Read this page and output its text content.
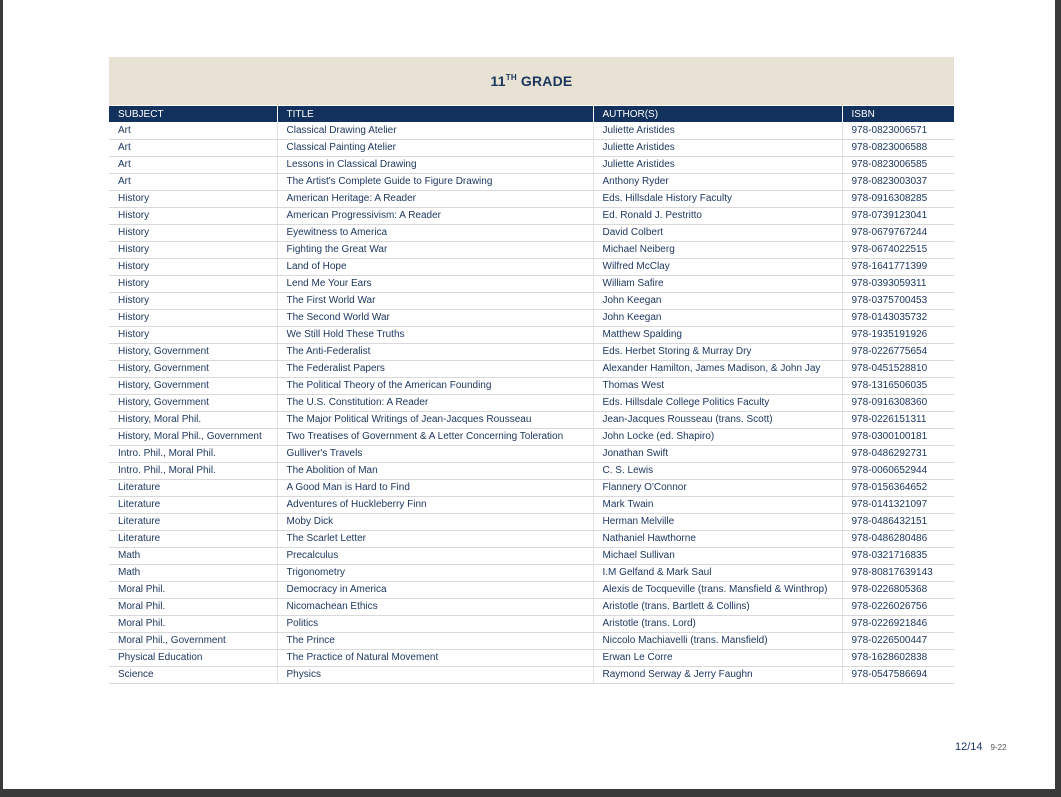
11TH GRADE
SUBJECT	TITLE	AUTHOR(S)	ISBN
Art	Classical Drawing Atelier	Juliette Aristides	978-0823006571
Art	Classical Painting Atelier	Juliette Aristides	978-0823006588
Art	Lessons in Classical Drawing	Juliette Aristides	978-0823006585
Art	The Artist's Complete Guide to Figure Drawing	Anthony Ryder	978-0823003037
History	American Heritage: A Reader	Eds. Hillsdale History Faculty	978-0916308285
History	American Progressivism: A Reader	Ed. Ronald J. Pestritto	978-0739123041
History	Eyewitness to America	David Colbert	978-0679767244
History	Fighting the Great War	Michael Neiberg	978-0674022515
History	Land of Hope	Wilfred McClay	978-1641771399
History	Lend Me Your Ears	William Safire	978-0393059311
History	The First World War	John Keegan	978-0375700453
History	The Second World War	John Keegan	978-0143035732
History	We Still Hold These Truths	Matthew Spalding	978-1935191926
History, Government	The Anti-Federalist	Eds. Herbet Storing & Murray Dry	978-0226775654
History, Government	The Federalist Papers	Alexander Hamilton, James Madison, & John Jay	978-0451528810
History, Government	The Political Theory of the American Founding	Thomas West	978-1316506035
History, Government	The U.S. Constitution: A Reader	Eds. Hillsdale College Politics Faculty	978-0916308360
History, Moral Phil.	The Major Political Writings of Jean-Jacques Rousseau	Jean-Jacques Rousseau (trans. Scott)	978-0226151311
History, Moral Phil., Government	Two Treatises of Government & A Letter Concerning Toleration	John Locke (ed. Shapiro)	978-0300100181
Intro. Phil., Moral Phil.	Gulliver's Travels	Jonathan Swift	978-0486292731
Intro. Phil., Moral Phil.	The Abolition of Man	C. S. Lewis	978-0060652944
Literature	A Good Man is Hard to Find	Flannery O'Connor	978-0156364652
Literature	Adventures of Huckleberry Finn	Mark Twain	978-0141321097
Literature	Moby Dick	Herman Melville	978-0486432151
Literature	The Scarlet Letter	Nathaniel Hawthorne	978-0486280486
Math	Precalculus	Michael Sullivan	978-0321716835
Math	Trigonometry	I.M Gelfand & Mark Saul	978-80817639143
Moral Phil.	Democracy in America	Alexis de Tocqueville (trans. Mansfield & Winthrop)	978-0226805368
Moral Phil.	Nicomachean Ethics	Aristotle (trans. Bartlett & Collins)	978-0226026756
Moral Phil.	Politics	Aristotle (trans. Lord)	978-0226921846
Moral Phil., Government	The Prince	Niccolo Machiavelli (trans. Mansfield)	978-0226500447
Physical Education	The Practice of Natural Movement	Erwan Le Corre	978-1628602838
Science	Physics	Raymond Serway & Jerry Faughn	978-0547586694
12/14 9-22
